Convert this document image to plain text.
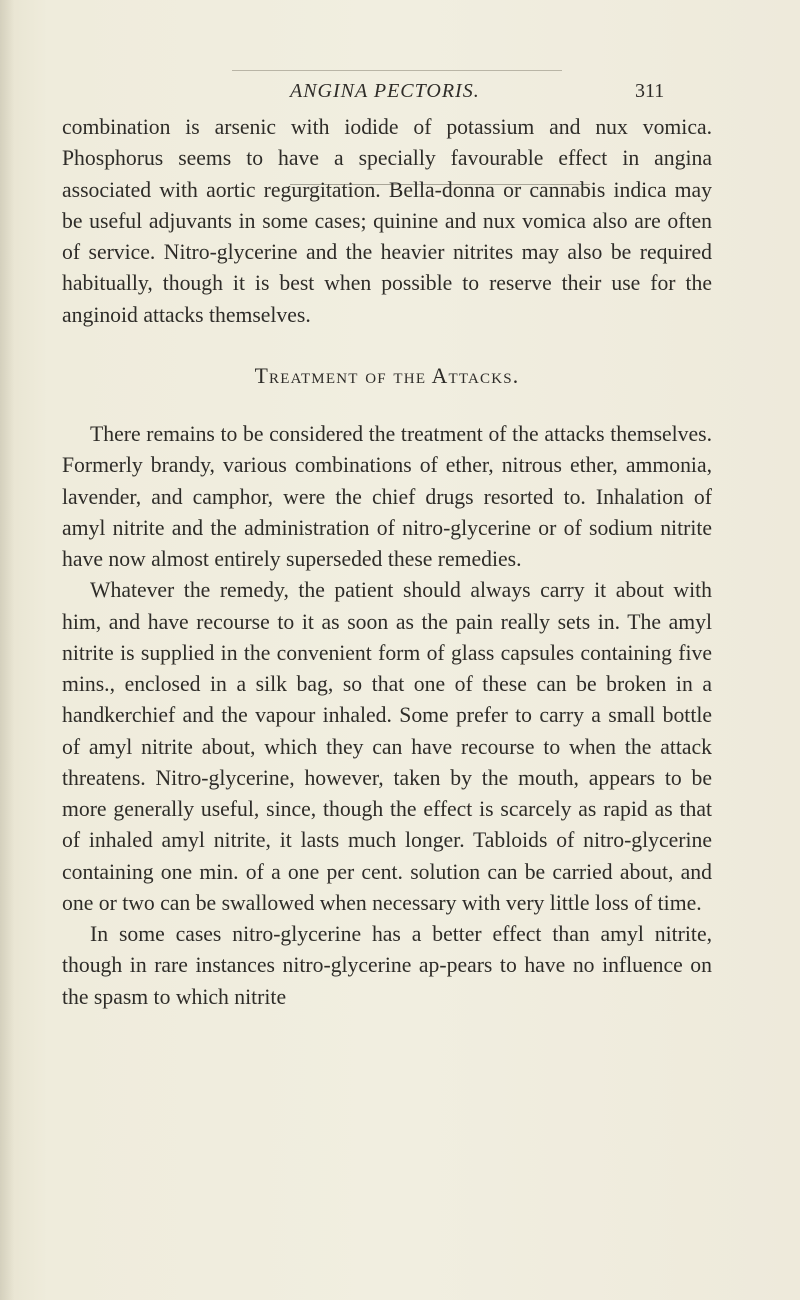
ANGINA PECTORIS.	311

combination is arsenic with iodide of potassium and nux vomica. Phosphorus seems to have a specially favourable effect in angina associated with aortic regurgitation. Bella-donna or cannabis indica may be useful adjuvants in some cases; quinine and nux vomica also are often of service. Nitro-glycerine and the heavier nitrites may also be required habitually, though it is best when possible to reserve their use for the anginoid attacks themselves.

Treatment of the Attacks.

There remains to be considered the treatment of the attacks themselves. Formerly brandy, various combinations of ether, nitrous ether, ammonia, lavender, and camphor, were the chief drugs resorted to. Inhalation of amyl nitrite and the administration of nitro-glycerine or of sodium nitrite have now almost entirely superseded these remedies.

Whatever the remedy, the patient should always carry it about with him, and have recourse to it as soon as the pain really sets in. The amyl nitrite is supplied in the convenient form of glass capsules containing five mins., enclosed in a silk bag, so that one of these can be broken in a handkerchief and the vapour inhaled. Some prefer to carry a small bottle of amyl nitrite about, which they can have recourse to when the attack threatens. Nitro-glycerine, however, taken by the mouth, appears to be more generally useful, since, though the effect is scarcely as rapid as that of inhaled amyl nitrite, it lasts much longer. Tabloids of nitro-glycerine containing one min. of a one per cent. solution can be carried about, and one or two can be swallowed when necessary with very little loss of time.

In some cases nitro-glycerine has a better effect than amyl nitrite, though in rare instances nitro-glycerine ap-pears to have no influence on the spasm to which nitrite
